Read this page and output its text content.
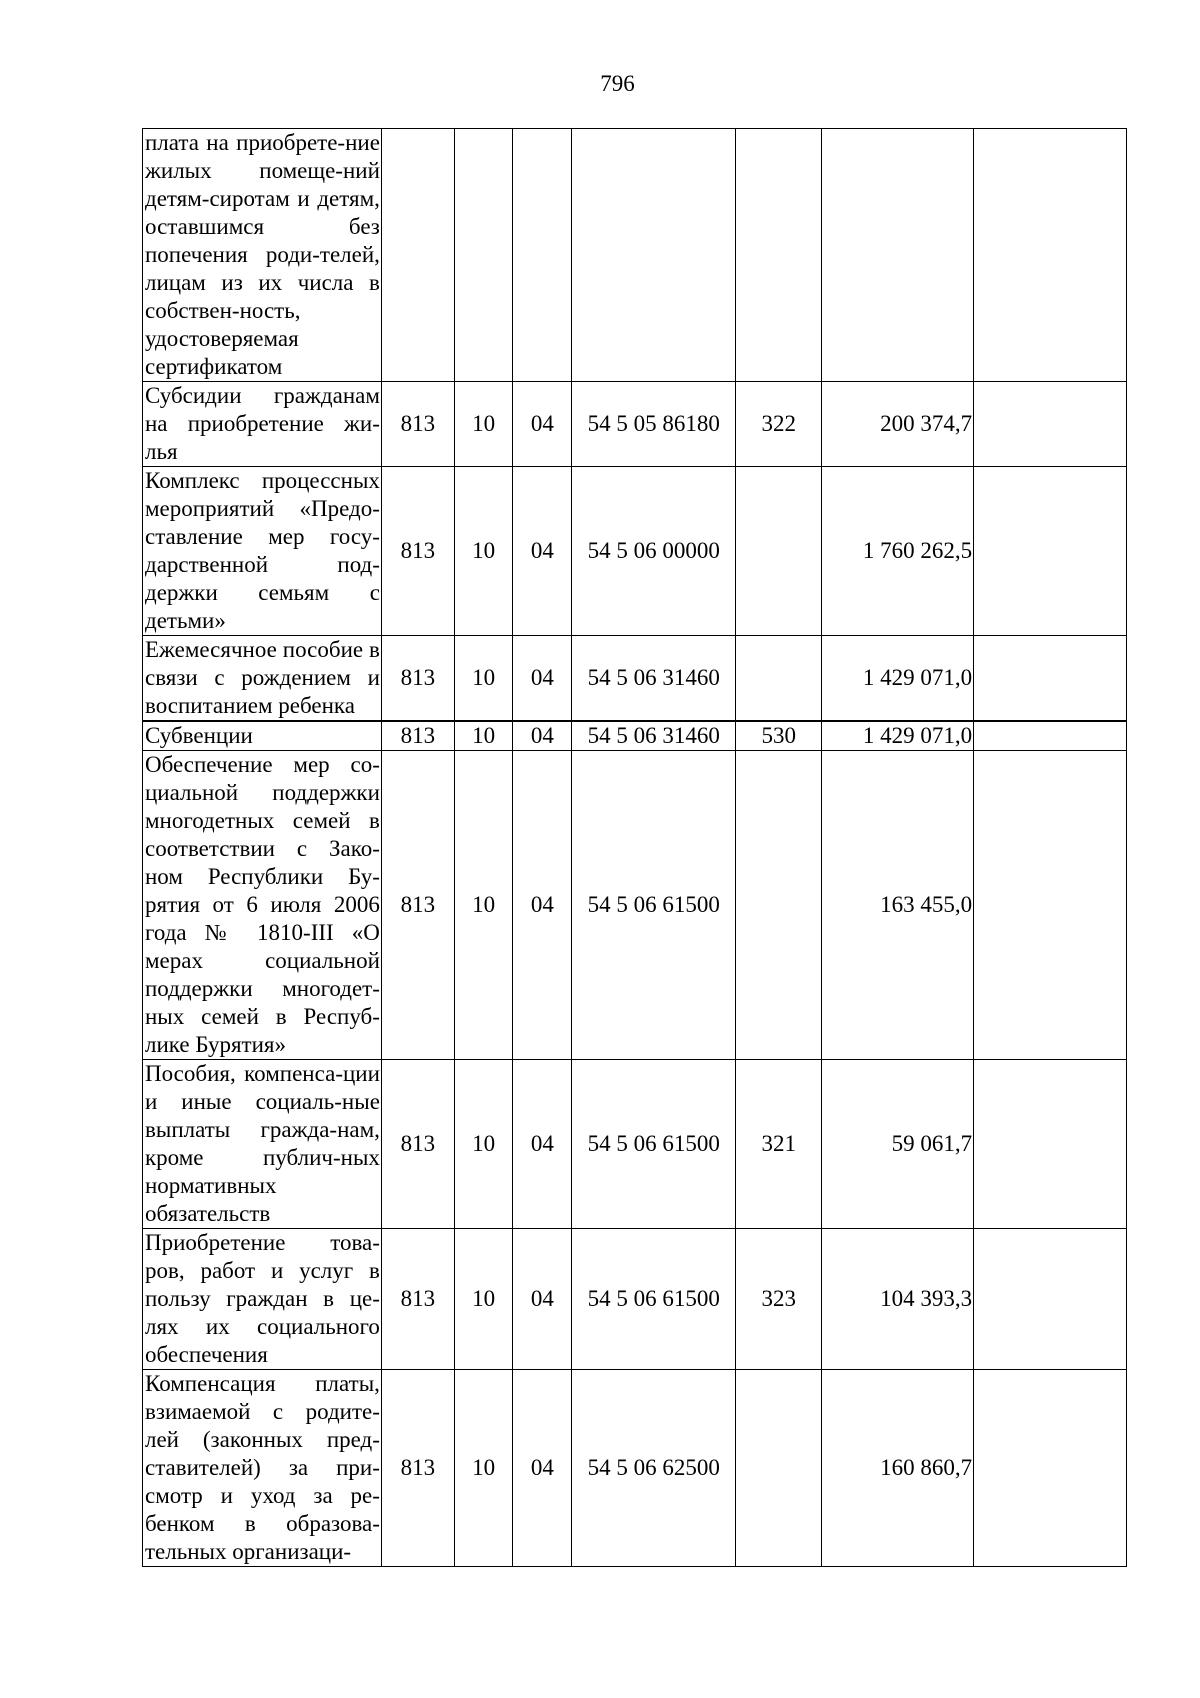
796
плата на приобрете-ние жилых помеще-ний детям-сиротам и детям, оставшимся без попечения роди-телей, лицам из их числа в собствен-ность, удостоверяемая сертификатом							
Субсидии гражданам на приобретение жи-лья	813	10	04	54 5 05 86180	322	200 374,7	
Комплекс процессных мероприятий «Предо-ставление мер госу-дарственной под-держки семьям с детьми»	813	10	04	54 5 06 00000		1 760 262,5	
Ежемесячное пособие в связи с рождением и воспитанием ребенка	813	10	04	54 5 06 31460		1 429 071,0	
Субвенции	813	10	04	54 5 06 31460	530	1 429 071,0	
Обеспечение мер со-циальной поддержки многодетных семей в соответствии с Зако-ном Республики Бу-рятия от 6 июля 2006 года № 1810-III «О мерах социальной поддержки многодет-ных семей в Респуб-лике Бурятия»	813	10	04	54 5 06 61500		163 455,0	
Пособия, компенса-ции и иные социаль-ные выплаты гражда-нам, кроме публич-ных нормативных обязательств	813	10	04	54 5 06 61500	321	59 061,7	
Приобретение това-ров, работ и услуг в пользу граждан в це-лях их социального обеспечения	813	10	04	54 5 06 61500	323	104 393,3	
Компенсация платы, взимаемой с родите-лей (законных пред-ставителей) за при-смотр и уход за ре-бенком в образова-тельных организаци-	813	10	04	54 5 06 62500		160 860,7	
